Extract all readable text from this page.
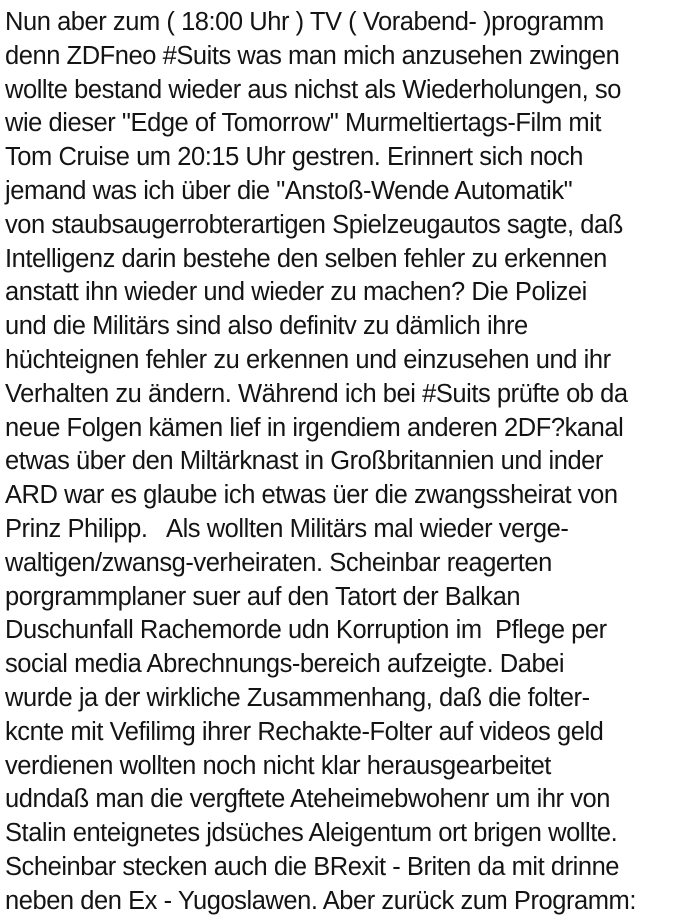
Nun aber zum ( 18:00 Uhr ) TV ( Vorabend- )programm
denn ZDFneo #Suits was man mich anzusehen zwingen
wollte bestand wieder aus nichst als Wiederholungen, so
wie dieser "Edge of Tomorrow" Murmeltiertags-Film mit
Tom Cruise um 20:15 Uhr gestren. Erinnert sich noch
jemand was ich über die "Anstoß-Wende Automatik"
von staubsaugerrobterartigen Spielzeugautos sagte, daß
Intelligenz darin bestehe den selben fehler zu erkennen
anstatt ihn wieder und wieder zu machen? Die Polizei
und die Militärs sind also definitv zu dämlich ihre
hüchteignen fehler zu erkennen und einzusehen und ihr
Verhalten zu ändern. Während ich bei #Suits prüfte ob da
neue Folgen kämen lief in irgendiem anderen 2DF?kanal
etwas über den Miltärknast in Großbritannien und inder
ARD war es glaube ich etwas üer die zwangssheirat von
Prinz Philipp.   Als wollten Militärs mal wieder verge-
waltigen/zwansg-verheiraten. Scheinbar reagerten
porgrammplaner suer auf den Tatort der Balkan
Duschunfall Rachemorde udn Korruption im  Pflege per
social media Abrechnungs-bereich aufzeigte. Dabei
wurde ja der wirkliche Zusammenhang, daß die folter-
kcnte mit Vefilimg ihrer Rechakte-Folter auf videos geld
verdienen wollten noch nicht klar herausgearbeitet
udndaß man die vergftete Ateheimebwohenr um ihr von
Stalin enteignetes jdsüches Aleigentum ort brigen wollte.
Scheinbar stecken auch die BRexit - Briten da mit drinne
neben den Ex - Yugoslawen. Aber zurück zum Programm:
